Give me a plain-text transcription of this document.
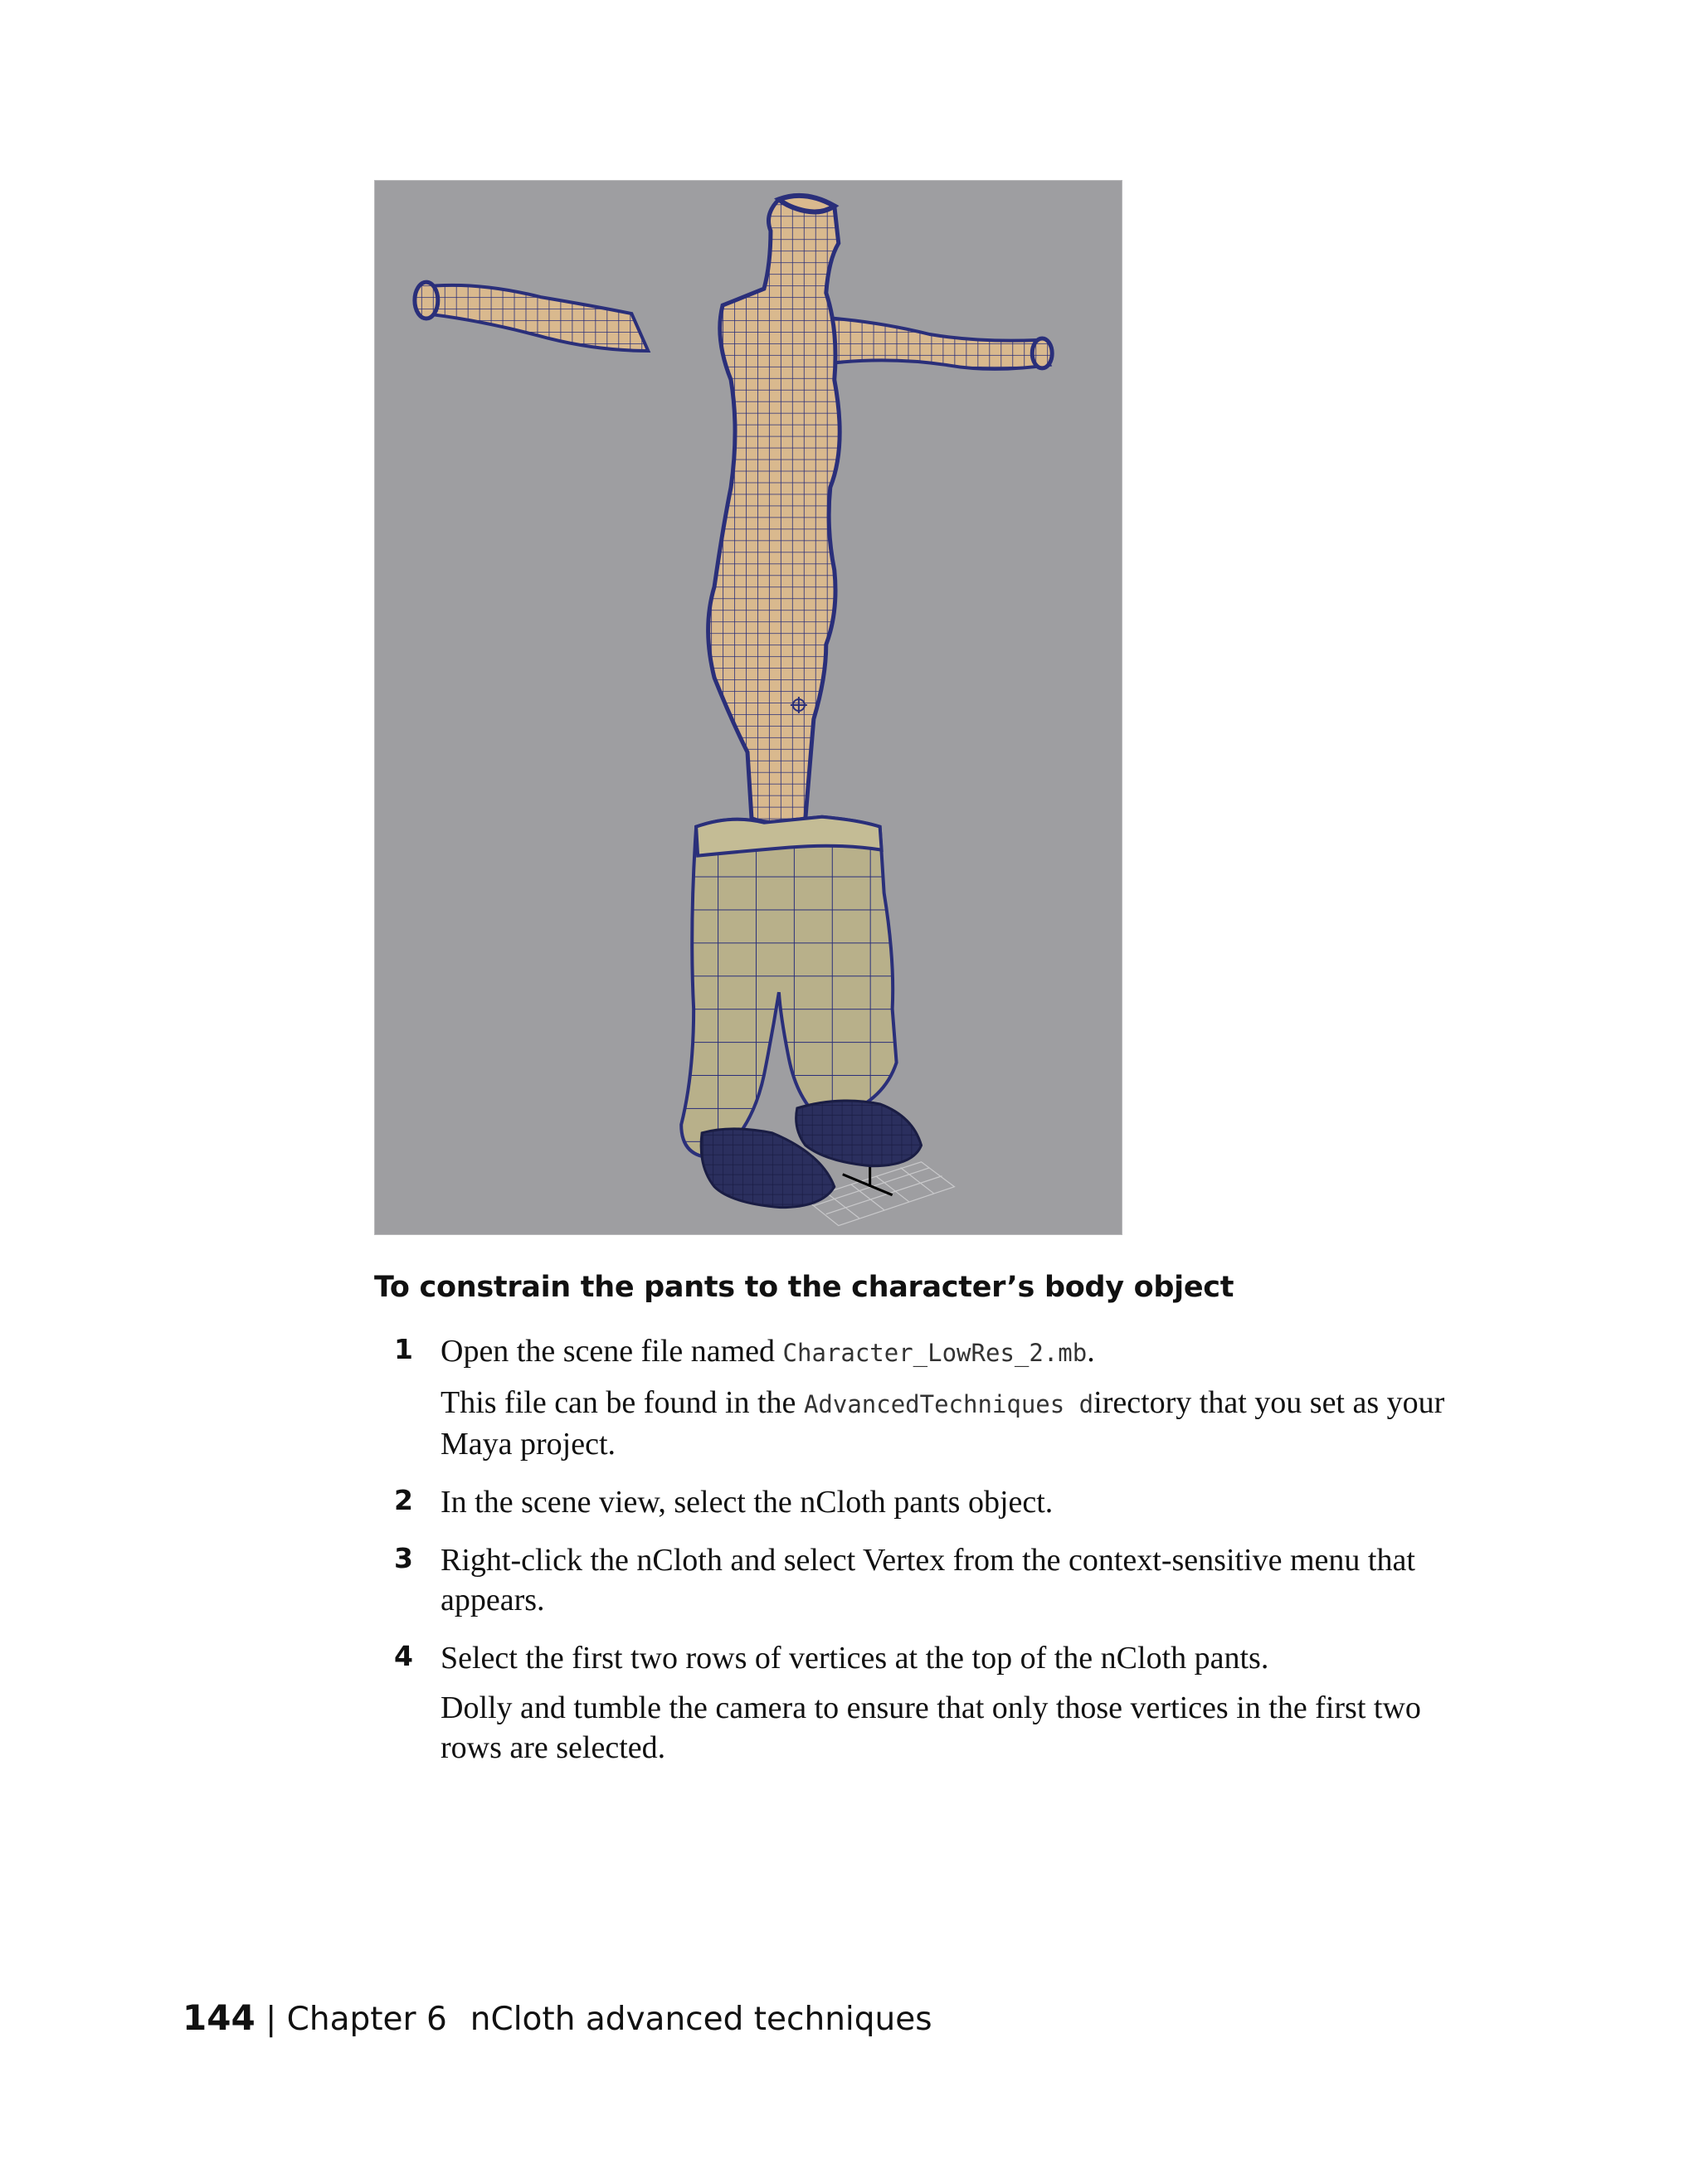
To constrain the pants to the character’s body object
1 Open the scene file named Character_LowRes_2.mb.

This file can be found in the AdvancedTechniques directory that you set as your Maya project.

2 In the scene view, select the nCloth pants object.

3 Right-click the nCloth and select Vertex from the context-sensitive menu that appears.

4 Select the first two rows of vertices at the top of the nCloth pants.

Dolly and tumble the camera to ensure that only those vertices in the first two rows are selected.

144 | Chapter 6 nCloth advanced techniques
